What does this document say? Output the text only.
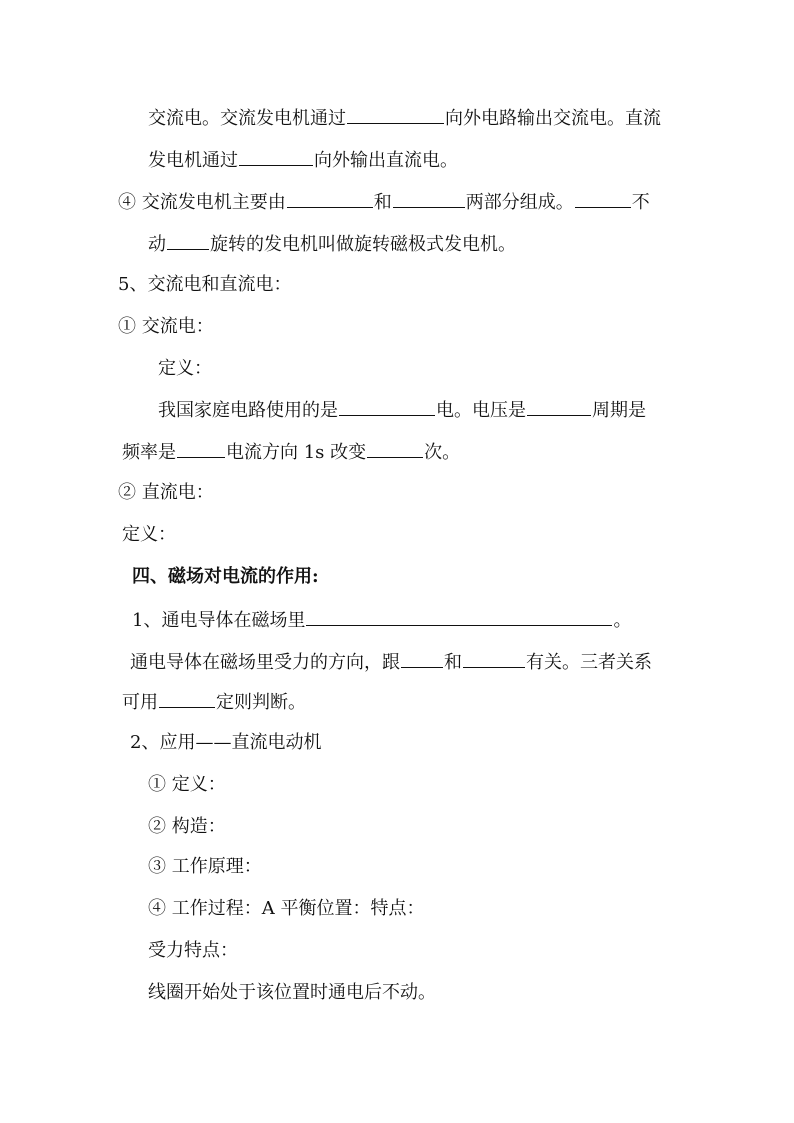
交流电。交流发电机通过	向外电路输出交流电。直流
发电机通过	向外输出直流电。
④ 交流发电机主要由	和	两部分组成。	不
动 旋转的发电机叫做旋转磁极式发电机。
5、交流电和直流电：
① 交流电：
定义：
我国家庭电路使用的是	电。电压是	周期是
频率是	电流方向 1s 改变	次。
② 直流电：
定义：
四、磁场对电流的作用:
1、通电导体在磁场里	。
通电导体在磁场里受力的方向，跟 和	有关。三者关系
可用	定则判断。
2、应用——直流电动机
① 定义：
② 构造：
③ 工作原理：
④ 工作过程：A 平衡位置：特点：
受力特点：
线圈开始处于该位置时通电后不动。
